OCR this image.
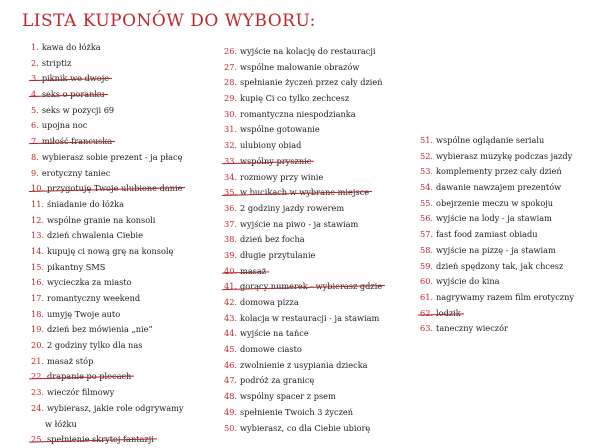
LISTA KUPONÓW DO WYBORU:
1. kawa do łóżka
2. striptiz
3. piknik we dwoje
4. seks o poranku
5. seks w pozycji 69
6. upojna noc
7. miłość francuska
8. wybierasz sobie prezent - ja płacę
9. erotyczny taniec
10. przygotuję Twoje ulubione danie
11. śniadanie do łóżka
12. wspólne granie na konsoli
13. dzień chwalenia Ciebie
14. kupuję ci nową grę na konsolę
15. pikantny SMS
16. wycieczka za miasto
17. romantyczny weekend
18. umyję Twoje auto
19. dzień bez mówienia „nie”
20. 2 godziny tylko dla nas
21. masaż stóp
22. drapanie po plecach
23. wieczór filmowy
24. wybierasz, jakie role odgrywamy
w łóżku
25. spełnienie skrytej fantazji
26. wyjście na kolację do restauracji
27. wspólne malowanie obrazów
28. spełnianie życzeń przez cały dzień
29. kupię Ci co tylko zechcesz
30. romantyczna niespodzianka
31. wspólne gotowanie
32. ulubiony obiad
33. wspólny prysznic
34. rozmowy przy winie
35. w bucikach w wybrane miejsce
36. 2 godziny jazdy rowerem
37. wyjście na piwo - ja stawiam
38. dzień bez focha
39. długie przytulanie
40. masaż
41. gorący numerek - wybierasz gdzie
42. domowa pizza
43. kolacja w restauracji - ja stawiam
44. wyjście na tańce
45. domowe ciasto
46. zwolnienie z usypiania dziecka
47. podróż za granicę
48. wspólny spacer z psem
49. spełnienie Twoich 3 życzeń
50. wybierasz, co dla Ciebie ubiorę
51. wspólne oglądanie serialu
52. wybierasz muzykę podczas jazdy
53. komplementy przez cały dzień
54. dawanie nawzajem prezentów
55. obejrzenie meczu w spokoju
56. wyjście na lody - ja stawiam
57. fast food zamiast obiadu
58. wyjście na pizzę - ja stawiam
59. dzień spędzony tak, jak chcesz
60. wyjście do kina
61. nagrywamy razem film erotyczny
62. lodzik
63. taneczny wieczór
